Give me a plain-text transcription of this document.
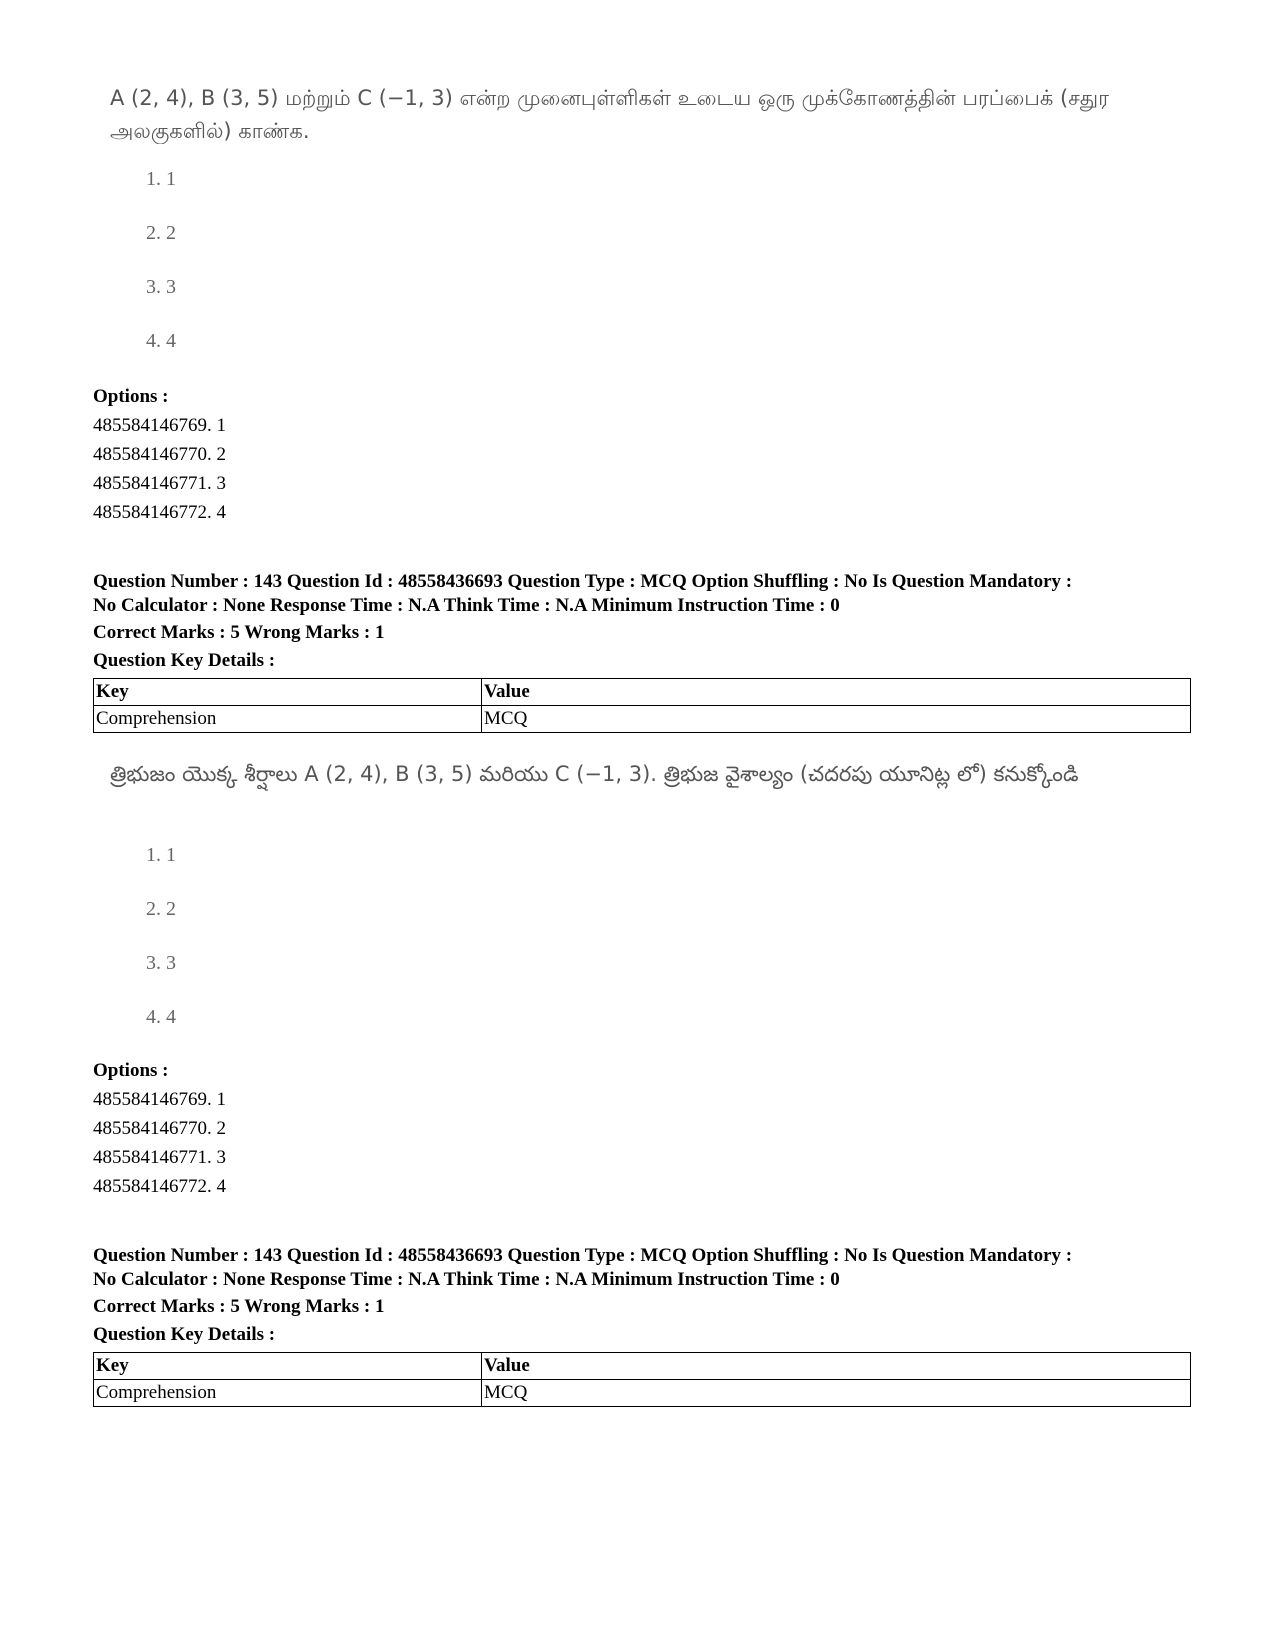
A (2, 4), B (3, 5) மற்றும் C (−1, 3) என்ற முனைபுள்ளிகள் உடைய ஒரு முக்கோணத்தின் பரப்பைக் (சதுர அலகுகளில்) காண்க.

1. 1
2. 2
3. 3
4. 4
Options :
485584146769. 1
485584146770. 2
485584146771. 3
485584146772. 4
Question Number : 143 Question Id : 48558436693 Question Type : MCQ Option Shuffling : No Is Question Mandatory :
No Calculator : None Response Time : N.A Think Time : N.A Minimum Instruction Time : 0
Correct Marks : 5 Wrong Marks : 1
Question Key Details :
Key	Value
Comprehension	MCQ

త్రిభుజం యొక్క శీర్షాలు A (2, 4), B (3, 5) మరియు C (−1, 3). త్రిభుజ వైశాల్యం (చదరపు యూనిట్ల లో) కనుక్కోండి

1. 1
2. 2
3. 3
4. 4
Options :
485584146769. 1
485584146770. 2
485584146771. 3
485584146772. 4
Question Number : 143 Question Id : 48558436693 Question Type : MCQ Option Shuffling : No Is Question Mandatory :
No Calculator : None Response Time : N.A Think Time : N.A Minimum Instruction Time : 0
Correct Marks : 5 Wrong Marks : 1
Question Key Details :
Key	Value
Comprehension	MCQ
